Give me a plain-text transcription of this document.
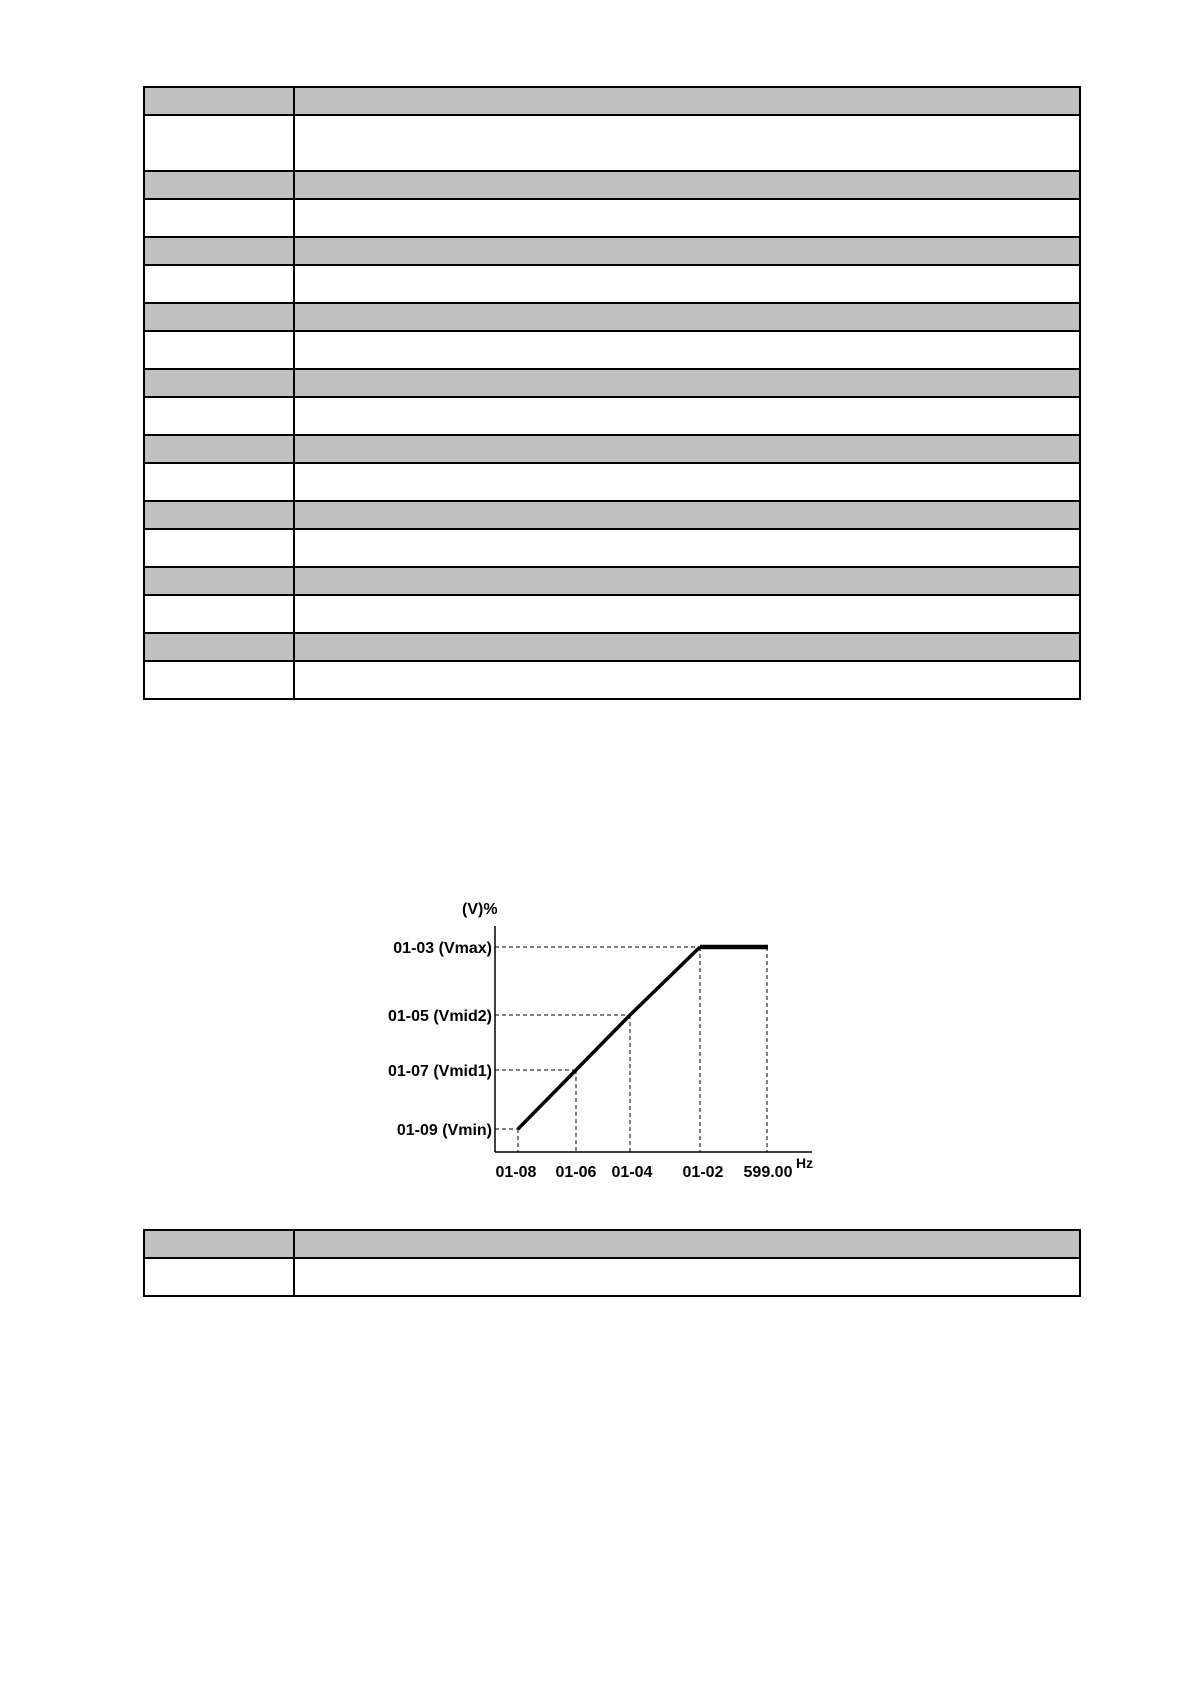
(V)%
01-03 (Vmax)
01-05 (Vmid2)
01-07 (Vmid1)
01-09 (Vmin)
01-08 01-06 01-04 01-02 599.00
Hz
